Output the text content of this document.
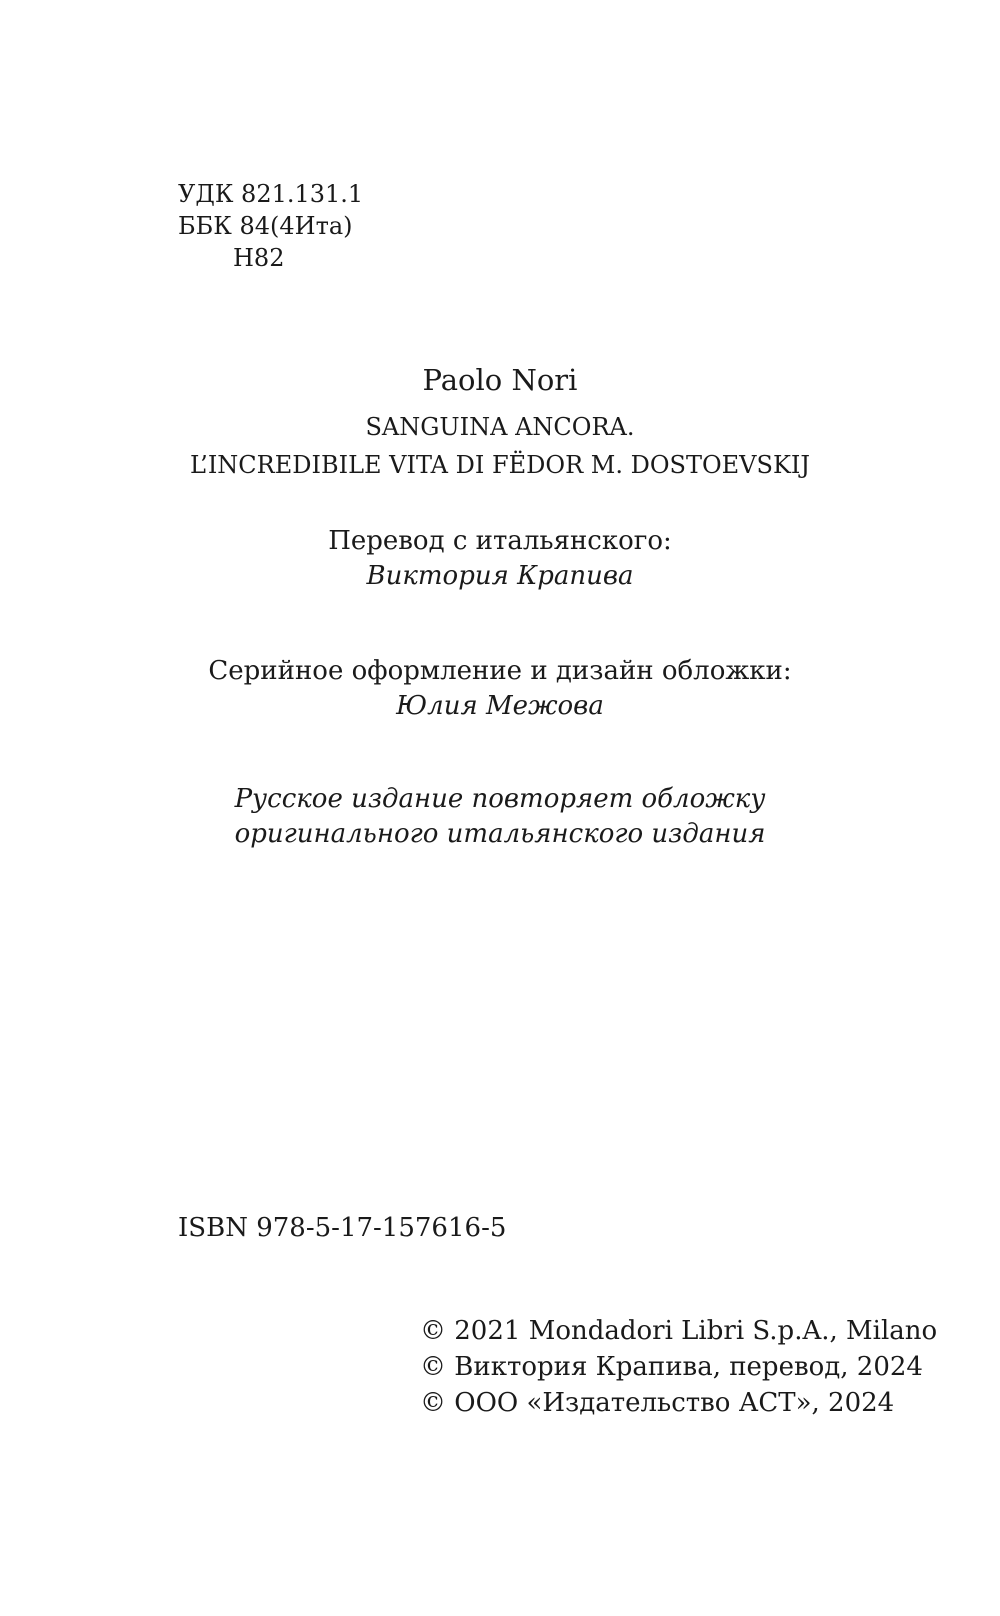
УДК 821.131.1
ББК 84(4Ита)
Н82
Paolo Nori
SANGUINA ANCORA.
L’INCREDIBILE VITA DI FЁDOR M. DOSTOEVSKIJ
Перевод с итальянского:
Виктория Крапива
Серийное оформление и дизайн обложки:
Юлия Межова
Русское издание повторяет обложку
оригинального итальянского издания
ISBN 978-5-17-157616-5
© 2021 Mondadori Libri S.p.A., Milano
© Виктория Крапива, перевод, 2024
© ООО «Издательство АСТ», 2024
